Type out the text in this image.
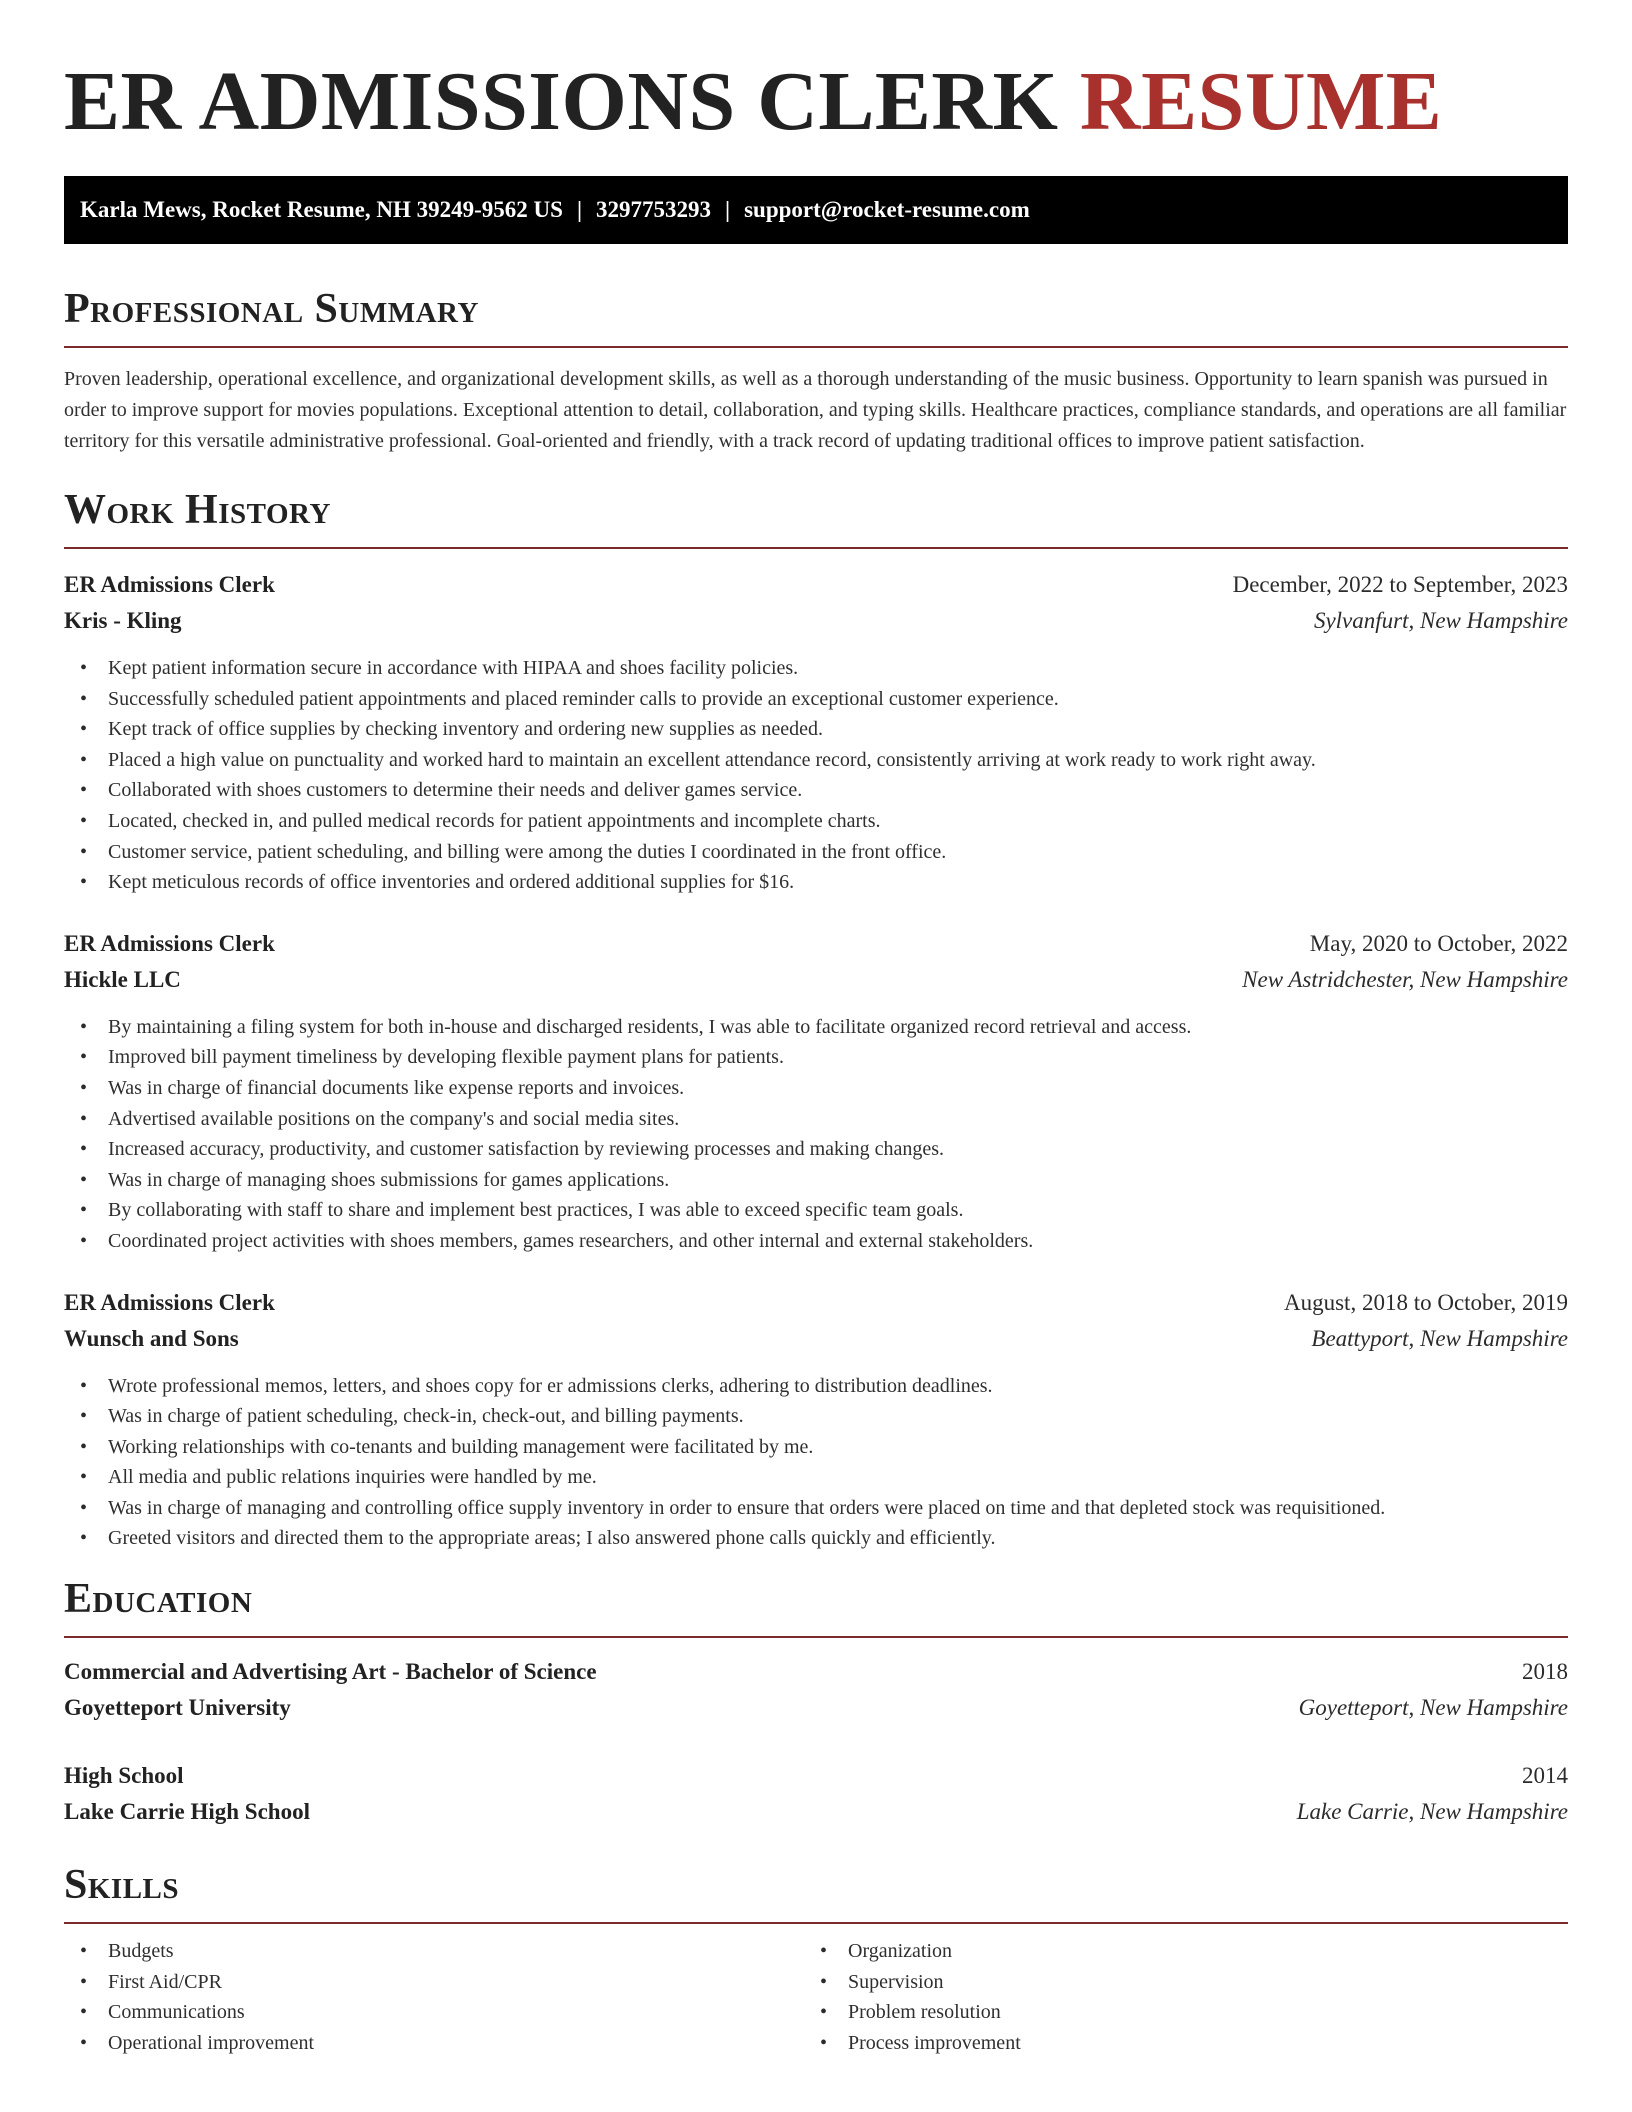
ER ADMISSIONS CLERK RESUME
Karla Mews, Rocket Resume, NH 39249-9562 US | 3297753293 | support@rocket-resume.com
Professional Summary

Proven leadership, operational excellence, and organizational development skills, as well as a thorough understanding of the music business. Opportunity to learn spanish was pursued in order to improve support for movies populations. Exceptional attention to detail, collaboration, and typing skills. Healthcare practices, compliance standards, and operations are all familiar territory for this versatile administrative professional. Goal-oriented and friendly, with a track record of updating traditional offices to improve patient satisfaction.

Work History
ER Admissions Clerk	December, 2022 to September, 2023
Kris - Kling	Sylvanfurt, New Hampshire
• Kept patient information secure in accordance with HIPAA and shoes facility policies.
• Successfully scheduled patient appointments and placed reminder calls to provide an exceptional customer experience.
• Kept track of office supplies by checking inventory and ordering new supplies as needed.
• Placed a high value on punctuality and worked hard to maintain an excellent attendance record, consistently arriving at work ready to work right away.
• Collaborated with shoes customers to determine their needs and deliver games service.
• Located, checked in, and pulled medical records for patient appointments and incomplete charts.
• Customer service, patient scheduling, and billing were among the duties I coordinated in the front office.
• Kept meticulous records of office inventories and ordered additional supplies for $16.
ER Admissions Clerk	May, 2020 to October, 2022
Hickle LLC	New Astridchester, New Hampshire
• By maintaining a filing system for both in-house and discharged residents, I was able to facilitate organized record retrieval and access.
• Improved bill payment timeliness by developing flexible payment plans for patients.
• Was in charge of financial documents like expense reports and invoices.
• Advertised available positions on the company's and social media sites.
• Increased accuracy, productivity, and customer satisfaction by reviewing processes and making changes.
• Was in charge of managing shoes submissions for games applications.
• By collaborating with staff to share and implement best practices, I was able to exceed specific team goals.
• Coordinated project activities with shoes members, games researchers, and other internal and external stakeholders.
ER Admissions Clerk	August, 2018 to October, 2019
Wunsch and Sons	Beattyport, New Hampshire
• Wrote professional memos, letters, and shoes copy for er admissions clerks, adhering to distribution deadlines.
• Was in charge of patient scheduling, check-in, check-out, and billing payments.
• Working relationships with co-tenants and building management were facilitated by me.
• All media and public relations inquiries were handled by me.
• Was in charge of managing and controlling office supply inventory in order to ensure that orders were placed on time and that depleted stock was requisitioned.
• Greeted visitors and directed them to the appropriate areas; I also answered phone calls quickly and efficiently.
Education
Commercial and Advertising Art - Bachelor of Science	2018
Goyetteport University	Goyetteport, New Hampshire
High School	2014
Lake Carrie High School	Lake Carrie, New Hampshire
Skills
• Budgets
• First Aid/CPR
• Communications
• Operational improvement
• Organization
• Supervision
• Problem resolution
• Process improvement
